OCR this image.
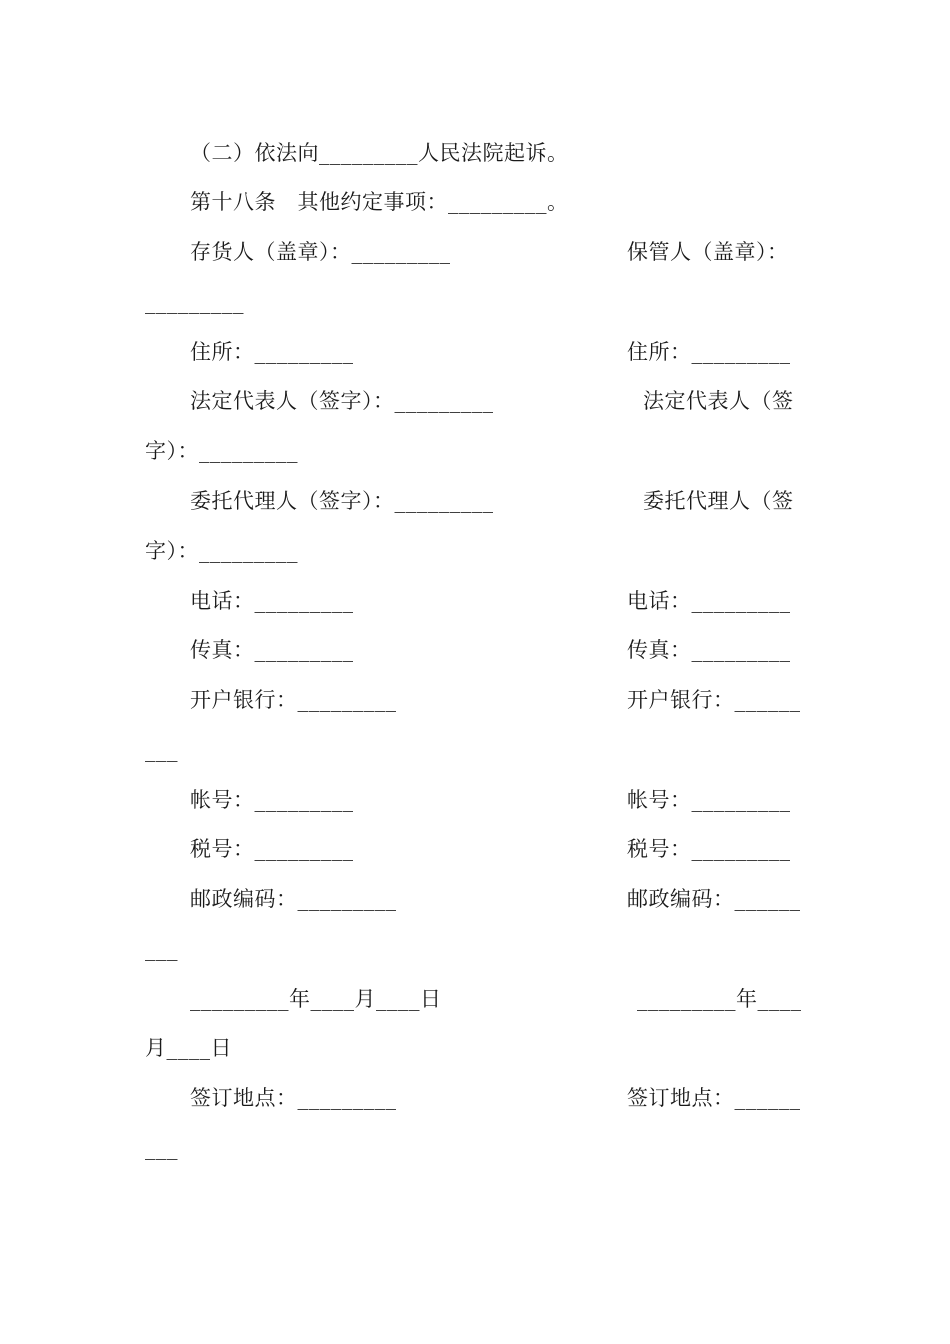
（二）依法向_________人民法院起诉。
第十八条　其他约定事项：_________。
存货人（盖章）：_________	保管人（盖章）：
_________
住所：_________	住所：_________
法定代表人（签字）：_________	法定代表人（签
字）：_________
委托代理人（签字）：_________	委托代理人（签
字）：_________
电话：_________	电话：_________
传真：_________	传真：_________
开户银行：_________	开户银行：______
___
帐号：_________	帐号：_________
税号：_________	税号：_________
邮政编码：_________	邮政编码：______
___
_________年____月____日	_________年____
月____日
签订地点：_________	签订地点：______
___
